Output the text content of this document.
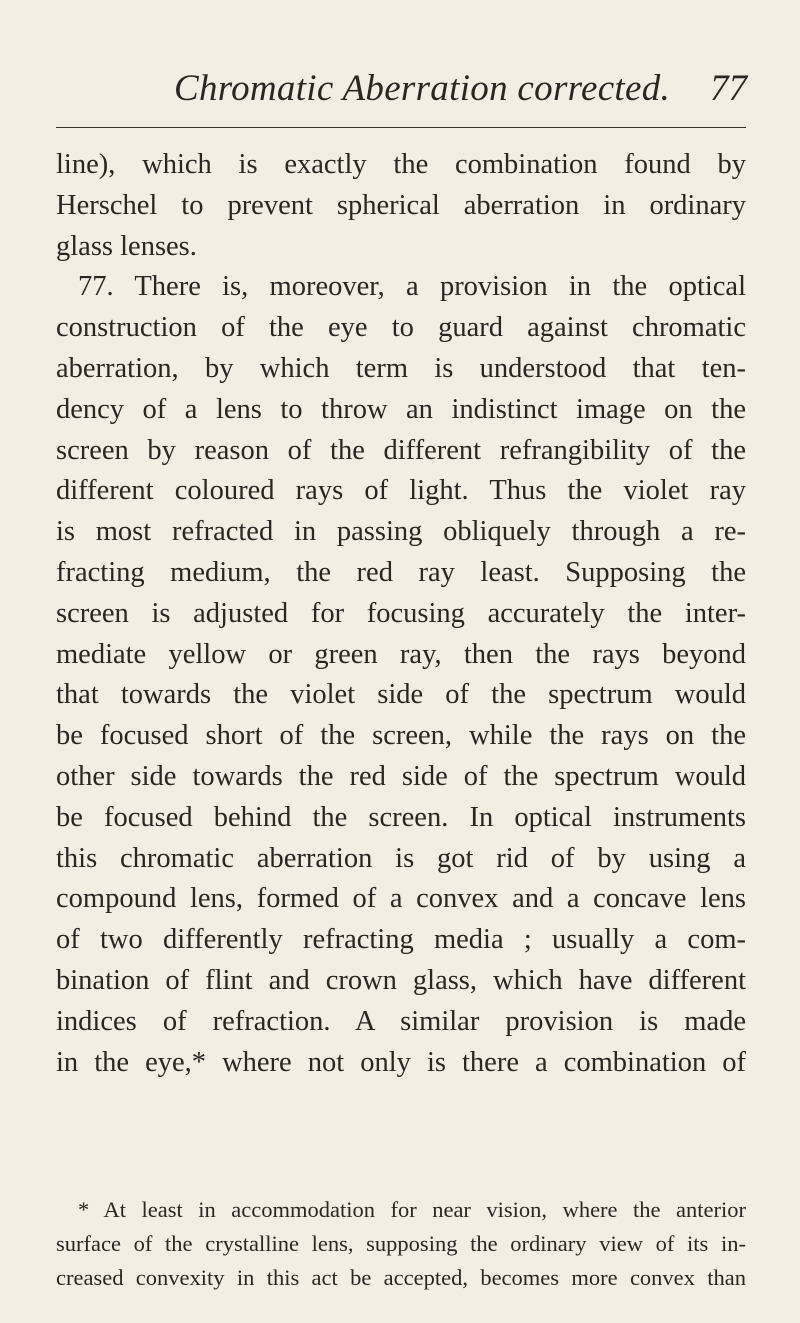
Chromatic Aberration corrected. 77
line), which is exactly the combination found by
Herschel to prevent spherical aberration in ordinary
glass lenses.
77. There is, moreover, a provision in the optical
construction of the eye to guard against chromatic
aberration, by which term is understood that ten-
dency of a lens to throw an indistinct image on the
screen by reason of the different refrangibility of the
different coloured rays of light. Thus the violet ray
is most refracted in passing obliquely through a re-
fracting medium, the red ray least. Supposing the
screen is adjusted for focusing accurately the inter-
mediate yellow or green ray, then the rays beyond
that towards the violet side of the spectrum would
be focused short of the screen, while the rays on the
other side towards the red side of the spectrum would
be focused behind the screen. In optical instruments
this chromatic aberration is got rid of by using a
compound lens, formed of a convex and a concave lens
of two differently refracting media ; usually a com-
bination of flint and crown glass, which have different
indices of refraction. A similar provision is made
in the eye,* where not only is there a combination of
* At least in accommodation for near vision, where the anterior
surface of the crystalline lens, supposing the ordinary view of its in-
creased convexity in this act be accepted, becomes more convex than
